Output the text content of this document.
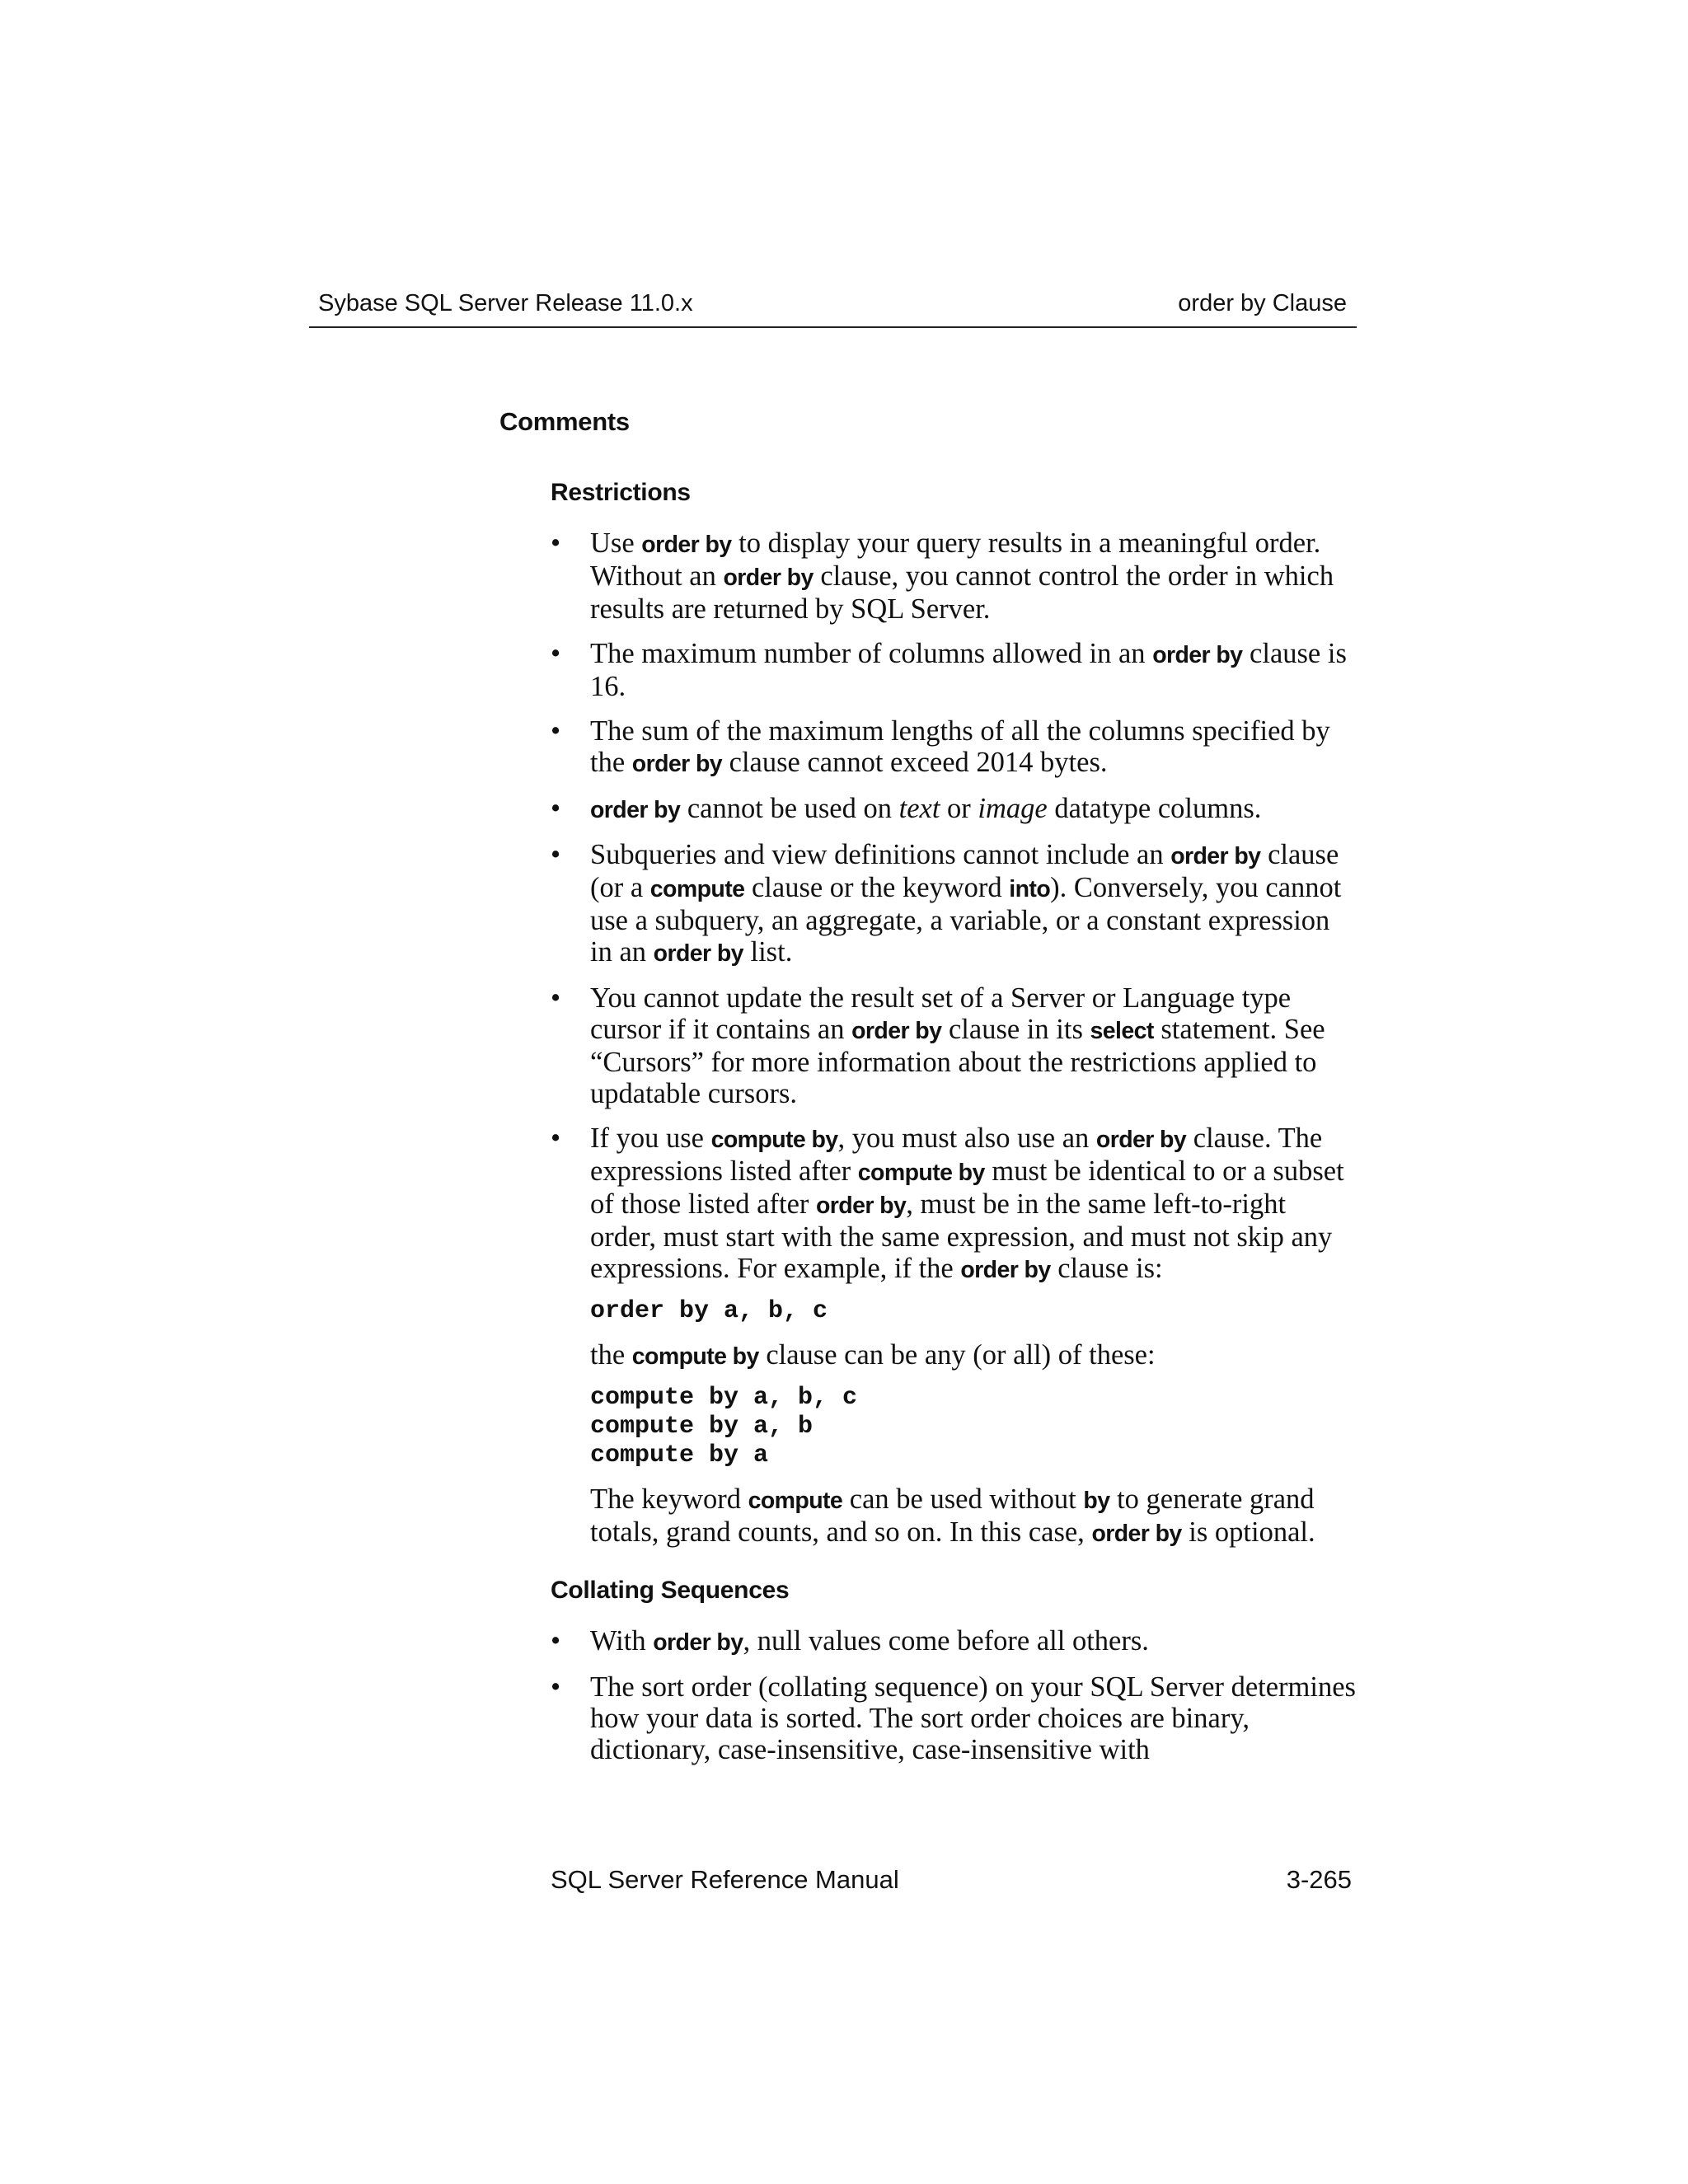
Sybase SQL Server Release 11.0.x	order by Clause
Comments
Restrictions
• Use order by to display your query results in a meaningful order. Without an order by clause, you cannot control the order in which results are returned by SQL Server.
• The maximum number of columns allowed in an order by clause is 16.
• The sum of the maximum lengths of all the columns specified by the order by clause cannot exceed 2014 bytes.
• order by cannot be used on text or image datatype columns.
• Subqueries and view definitions cannot include an order by clause (or a compute clause or the keyword into). Conversely, you cannot use a subquery, an aggregate, a variable, or a constant expression in an order by list.
• You cannot update the result set of a Server or Language type cursor if it contains an order by clause in its select statement. See “Cursors” for more information about the restrictions applied to updatable cursors.
• If you use compute by, you must also use an order by clause. The expressions listed after compute by must be identical to or a subset of those listed after order by, must be in the same left-to-right order, must start with the same expression, and must not skip any expressions. For example, if the order by clause is:

order by a, b, c

the compute by clause can be any (or all) of these:

compute by a, b, c
compute by a, b
compute by a

The keyword compute can be used without by to generate grand totals, grand counts, and so on. In this case, order by is optional.

Collating Sequences
• With order by, null values come before all others.
• The sort order (collating sequence) on your SQL Server determines how your data is sorted. The sort order choices are binary, dictionary, case-insensitive, case-insensitive with
SQL Server Reference Manual	3-265
